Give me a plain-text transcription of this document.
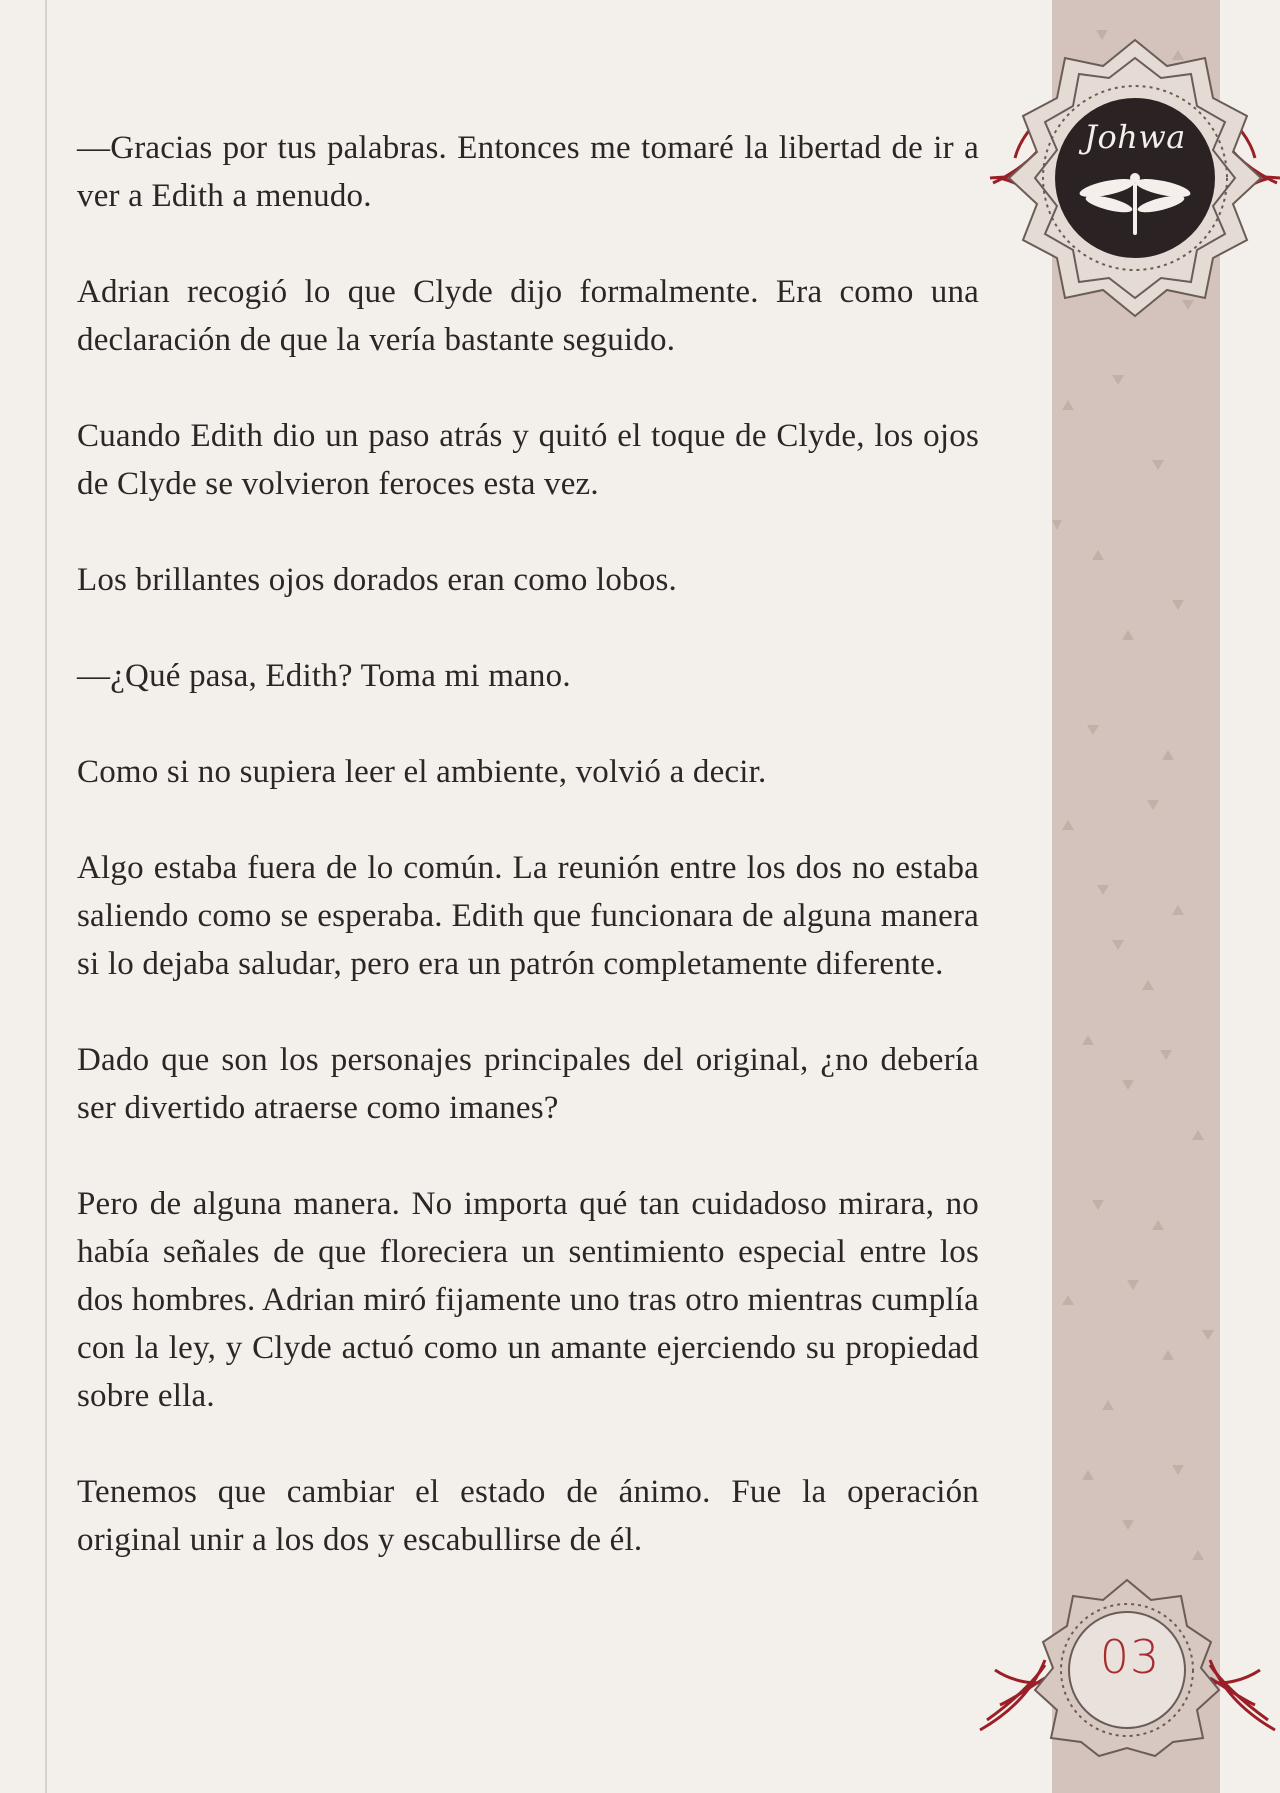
Johwa
03

—Gracias por tus palabras. Entonces me tomaré la libertad de ir a ver a Edith a menudo.

Adrian recogió lo que Clyde dijo formalmente. Era como una declaración de que la vería bastante seguido.

Cuando Edith dio un paso atrás y quitó el toque de Clyde, los ojos de Clyde se volvieron feroces esta vez.

Los brillantes ojos dorados eran como lobos.

—¿Qué pasa, Edith? Toma mi mano.

Como si no supiera leer el ambiente, volvió a decir.

Algo estaba fuera de lo común. La reunión entre los dos no estaba saliendo como se esperaba. Edith que funcionara de alguna manera si lo dejaba saludar, pero era un patrón completamente diferente.

Dado que son los personajes principales del original, ¿no debería ser divertido atraerse como imanes?

Pero de alguna manera. No importa qué tan cuidadoso mirara, no había señales de que floreciera un sentimiento especial entre los dos hombres. Adrian miró fijamente uno tras otro mientras cumplía con la ley, y Clyde actuó como un amante ejerciendo su propiedad sobre ella.

Tenemos que cambiar el estado de ánimo. Fue la operación original unir a los dos y escabullirse de él.
